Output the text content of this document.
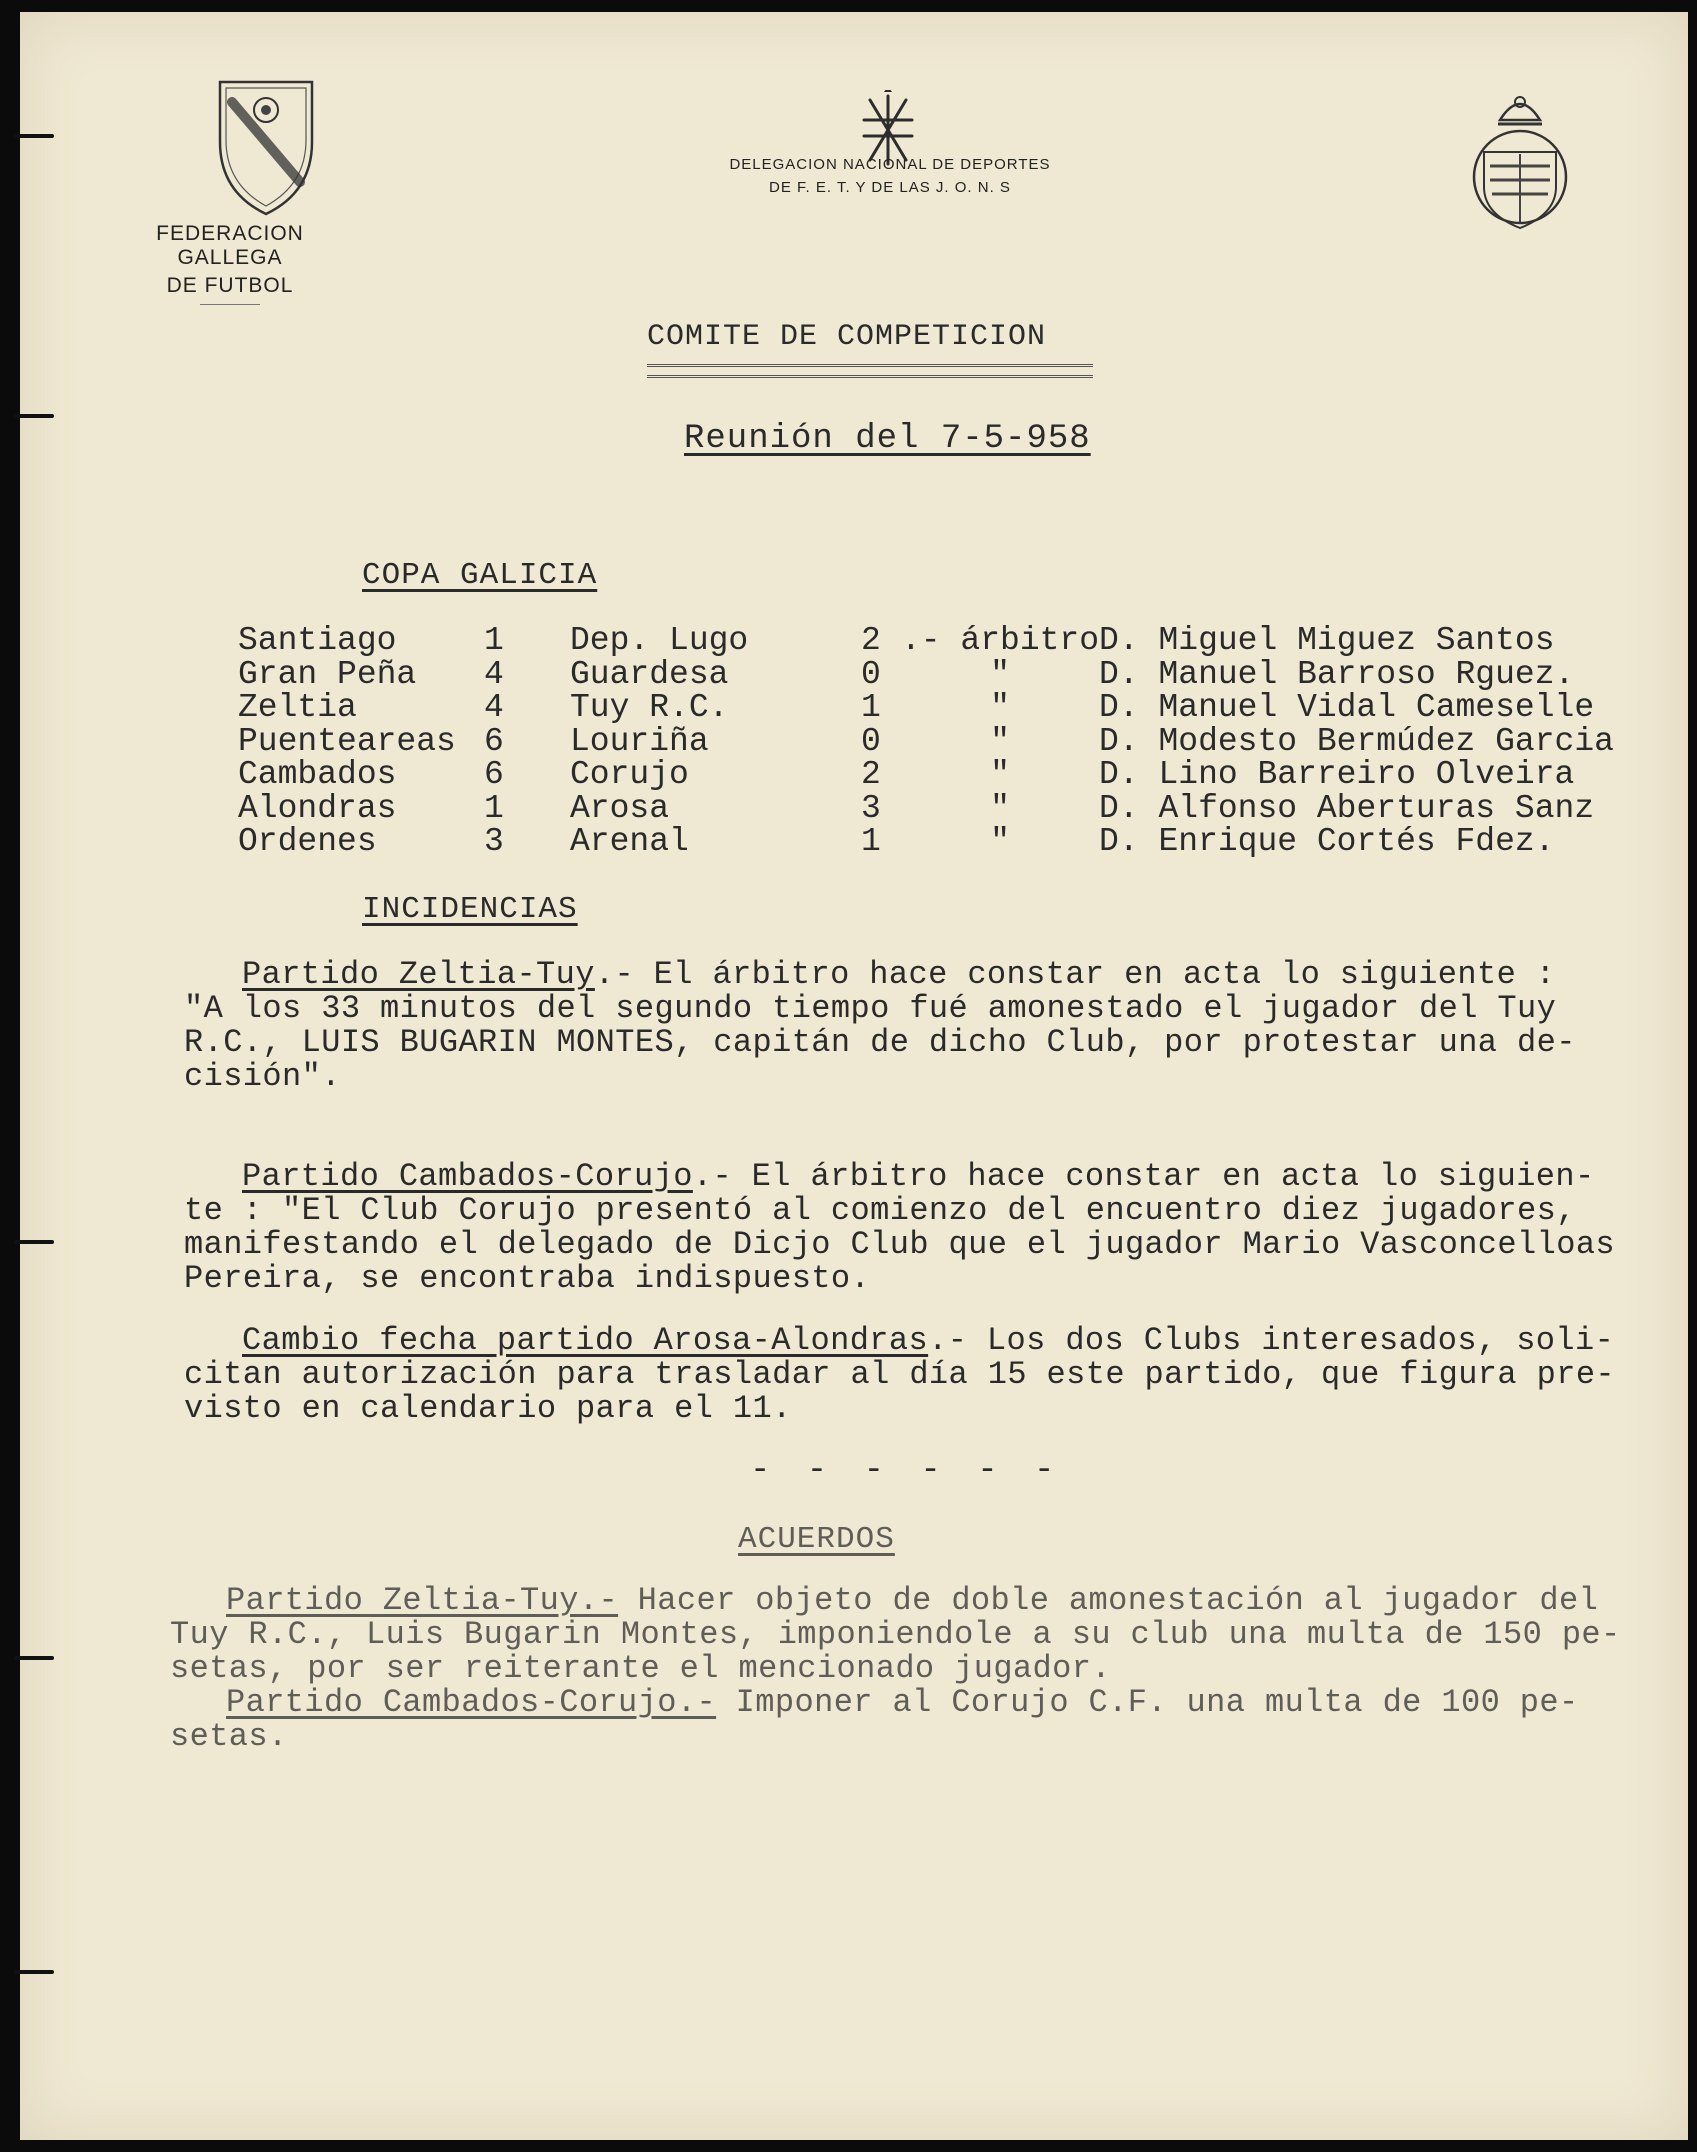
FEDERACION GALLEGA
DE FUTBOL
DELEGACION NACIONAL DE DEPORTES
DE F. E. T. Y DE LAS J. O. N. S
COMITE DE COMPETICION
Reunión del 7-5-958
COPA GALICIA
Santiago	1	Dep. Lugo	2	.- árbitro	D. Miguel Miguez Santos
Gran Peña	4	Guardesa	0	"	D. Manuel Barroso Rguez.
Zeltia	4	Tuy R.C.	1	"	D. Manuel Vidal Cameselle
Puenteareas	6	Louriña	0	"	D. Modesto Bermúdez Garcia
Cambados	6	Corujo	2	"	D. Lino Barreiro Olveira
Alondras	1	Arosa	3	"	D. Alfonso Aberturas Sanz
Ordenes	3	Arenal	1	"	D. Enrique Cortés Fdez.
INCIDENCIAS
Partido Zeltia-Tuy.- El árbitro hace constar en acta lo siguiente :
"A los 33 minutos del segundo tiempo fué amonestado el jugador del Tuy
R.C., LUIS BUGARIN MONTES, capitán de dicho Club, por protestar una de-
cisión".
Partido Cambados-Corujo.- El árbitro hace constar en acta lo siguien-
te : "El Club Corujo presentó al comienzo del encuentro diez jugadores,
manifestando el delegado de Dicjo Club que el jugador Mario Vasconcelloas
Pereira, se encontraba indispuesto.
Cambio fecha partido Arosa-Alondras.- Los dos Clubs interesados, soli-
citan autorización para trasladar al día 15 este partido, que figura pre-
visto en calendario para el 11.
- - - - - -
ACUERDOS
Partido Zeltia-Tuy.- Hacer objeto de doble amonestación al jugador del
Tuy R.C., Luis Bugarin Montes, imponiendole a su club una multa de 150 pe-
setas, por ser reiterante el mencionado jugador.
Partido Cambados-Corujo.- Imponer al Corujo C.F. una multa de 100 pe-
setas.
